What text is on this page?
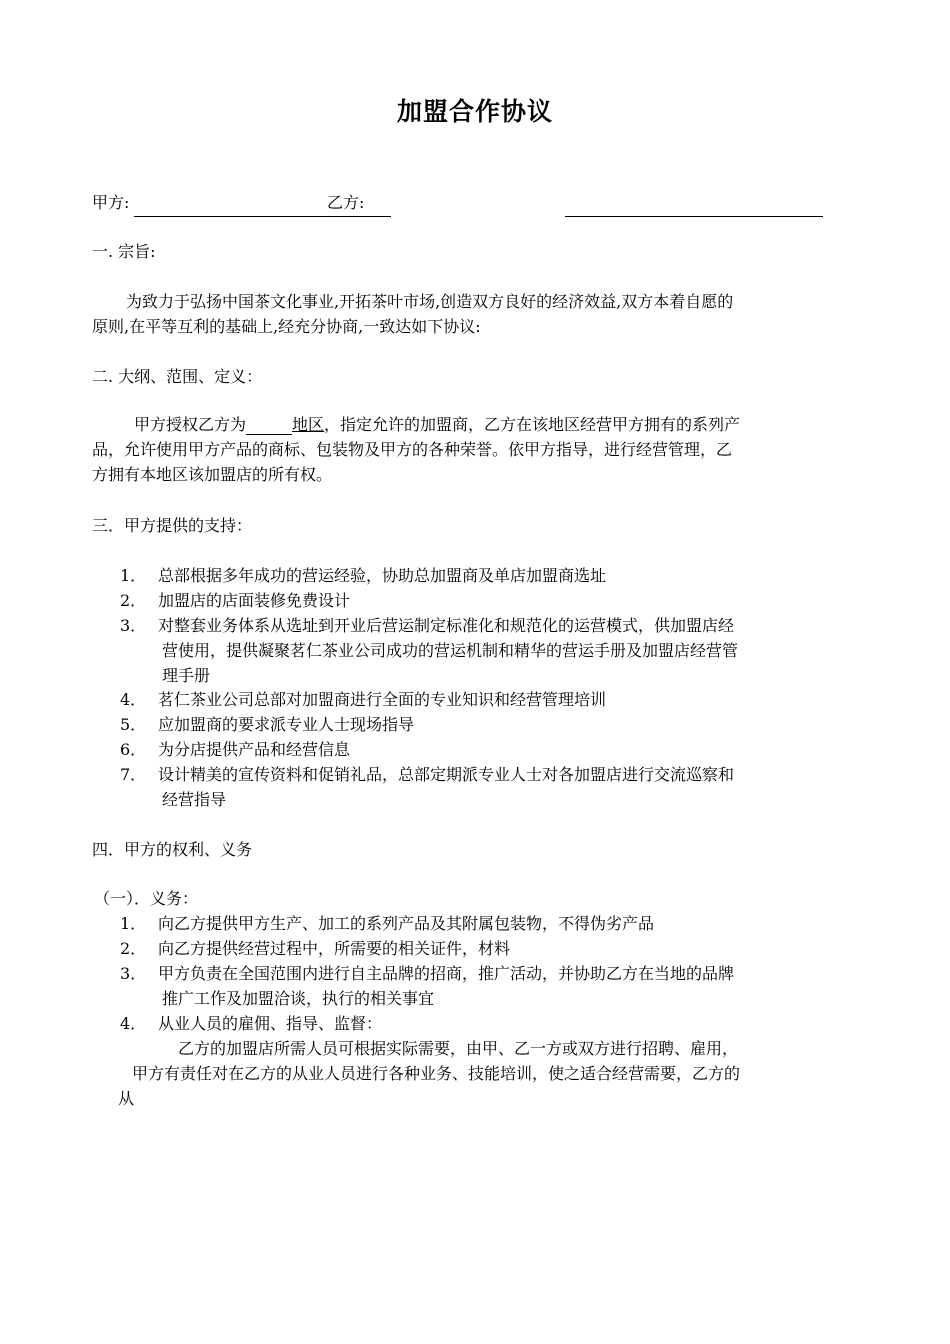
加盟合作协议
甲方:	乙方:
一. 宗旨:
为致力于弘扬中国茶文化事业,开拓茶叶市场,创造双方良好的经济效益,双方本着自愿的
原则,在平等互利的基础上,经充分协商,一致达如下协议:
二. 大纲、范围、定义：
甲方授权乙方为	地区，指定允许的加盟商，乙方在该地区经营甲方拥有的系列产
品，允许使用甲方产品的商标、包装物及甲方的各种荣誉。依甲方指导，进行经营管理，乙
方拥有本地区该加盟店的所有权。
三．甲方提供的支持：
1． 总部根据多年成功的营运经验，协助总加盟商及单店加盟商选址
2． 加盟店的店面装修免费设计
3． 对整套业务体系从选址到开业后营运制定标准化和规范化的运营模式，供加盟店经
营使用，提供凝聚茗仁茶业公司成功的营运机制和精华的营运手册及加盟店经营管
理手册
4． 茗仁茶业公司总部对加盟商进行全面的专业知识和经营管理培训
5． 应加盟商的要求派专业人士现场指导
6． 为分店提供产品和经营信息
7． 设计精美的宣传资料和促销礼品，总部定期派专业人士对各加盟店进行交流巡察和
经营指导
四．甲方的权利、义务
（一）．义务：
1． 向乙方提供甲方生产、加工的系列产品及其附属包装物，不得伪劣产品
2． 向乙方提供经营过程中，所需要的相关证件，材料
3． 甲方负责在全国范围内进行自主品牌的招商，推广活动，并协助乙方在当地的品牌
推广工作及加盟洽谈，执行的相关事宜
4． 从业人员的雇佣、指导、监督：
乙方的加盟店所需人员可根据实际需要，由甲、乙一方或双方进行招聘、雇用，
甲方有责任对在乙方的从业人员进行各种业务、技能培训，使之适合经营需要，乙方的
从
